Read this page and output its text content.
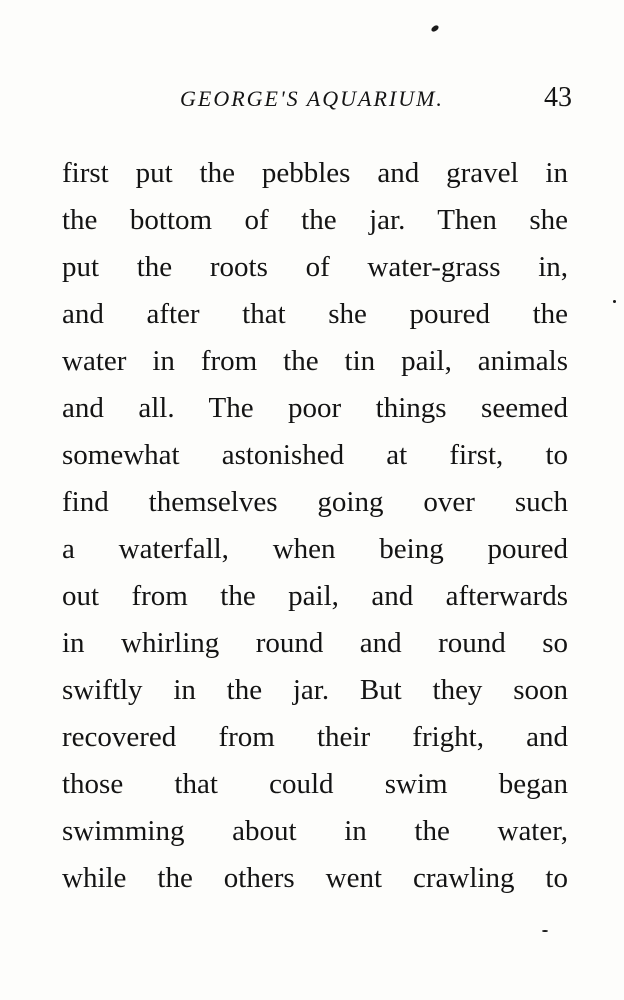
GEORGE'S AQUARIUM.	43
first put the pebbles and gravel in
the bottom of the jar. Then she
put the roots of water-grass in,
and after that she poured the
water in from the tin pail, animals
and all. The poor things seemed
somewhat astonished at first, to
find themselves going over such
a waterfall, when being poured
out from the pail, and afterwards
in whirling round and round so
swiftly in the jar. But they soon
recovered from their fright, and
those that could swim began
swimming about in the water,
while the others went crawling to
